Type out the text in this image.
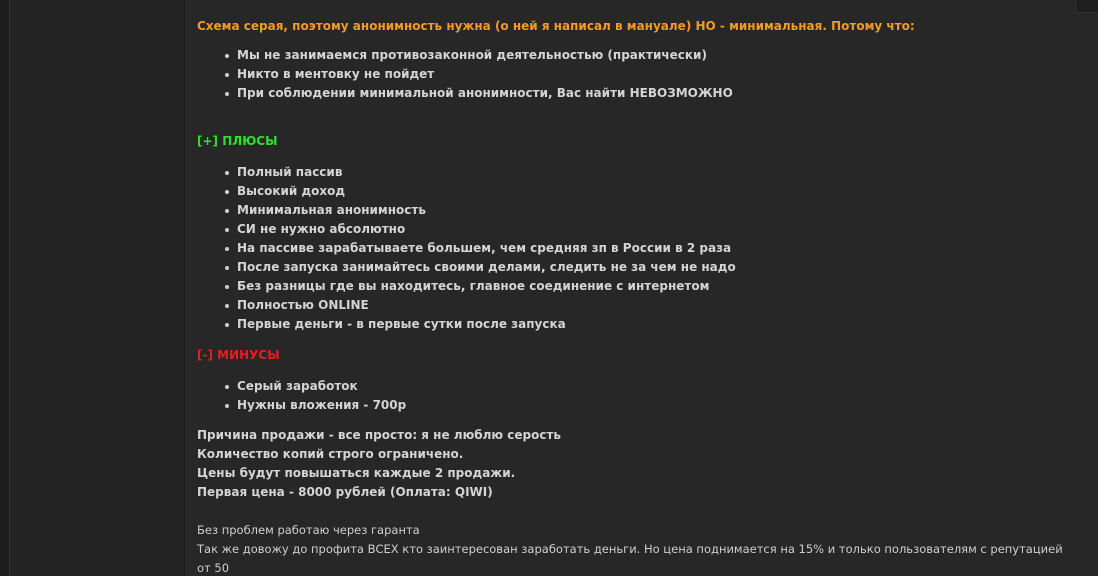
Схема серая, поэтому анонимность нужна (о ней я написал в мануале) НО - минимальная. Потому что:

Мы не занимаемся противозаконной деятельностью (практически)
Никто в ментовку не пойдет
При соблюдении минимальной анонимности, Вас найти НЕВОЗМОЖНО

[+] ПЛЮСЫ

Полный пассив
Высокий доход
Минимальная анонимность
СИ не нужно абсолютно
На пассиве зарабатываете большем, чем средняя зп в России в 2 раза
После запуска занимайтесь своими делами, следить не за чем не надо
Без разницы где вы находитесь, главное соединение с интернетом
Полностью ONLINE
Первые деньги - в первые сутки после запуска

[-] МИНУСЫ

Серый заработок
Нужны вложения - 700р

Причина продажи - все просто: я не люблю серость

Количество копий строго ограничено.

Цены будут повышаться каждые 2 продажи.

Первая цена - 8000 рублей (Оплата: QIWI)

Без проблем работаю через гаранта

Так же довожу до профита ВСЕХ кто заинтересован заработать деньги. Но цена поднимается на 15% и только пользователям с репутацией от 50
